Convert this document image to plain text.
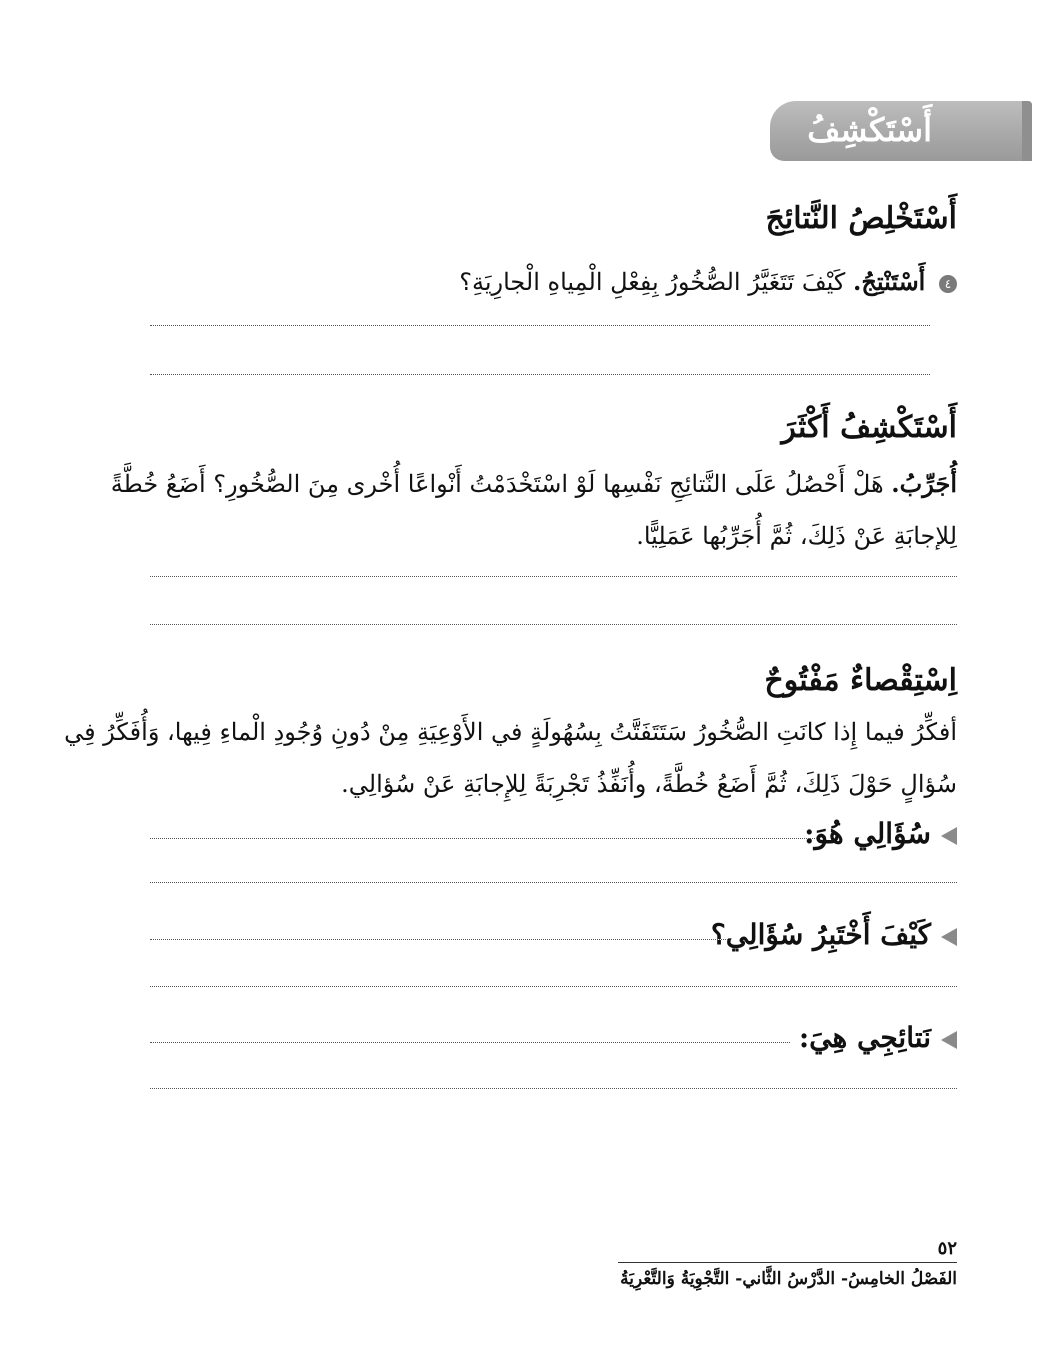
أَسْتَكْشِفُ
أَسْتَخْلِصُ النَّتائِجَ
٤ أَسْتَنْتِجُ. كَيْفَ تَتَغَيَّرُ الصُّخُورُ بِفِعْلِ الْمِياهِ الْجارِيَةِ؟
أَسْتَكْشِفُ أَكْثَرَ
أُجَرِّبُ. هَلْ أَحْصُلُ عَلَى النَّتائِجِ نَفْسِها لَوْ اسْتَخْدَمْتُ أَنْواعًا أُخْرى مِنَ الصُّخُورِ؟ أَضَعُ خُطَّةً
لِلإجابَةِ عَنْ ذَلِكَ، ثُمَّ أُجَرِّبُها عَمَلِيًّا.
اِسْتِقْصاءٌ مَفْتُوحٌ
أفكِّرُ فيما إِذا كانَتِ الصُّخُورُ سَتَتَفَتَّتُ بِسُهُولَةٍ في الأَوْعِيَةِ مِنْ دُونِ وُجُودِ الْماءِ فِيها، وَأُفَكِّرُ فِي
سُؤالٍ حَوْلَ ذَلِكَ، ثُمَّ أَضَعُ خُطَّةً، وأُنَفِّذُ تَجْرِبَةً لِلإِجابَةِ عَنْ سُؤالِي.
سُؤَالِي هُوَ:
كَيْفَ أَخْتَبِرُ سُؤَالِي؟
نَتائِجِي هِيَ:
٥٢
الفَصْلُ الخامِسُ- الدَّرْسُ الثَّاني- التَّجْوِيَةُ وَالتَّعْرِيَةُ
